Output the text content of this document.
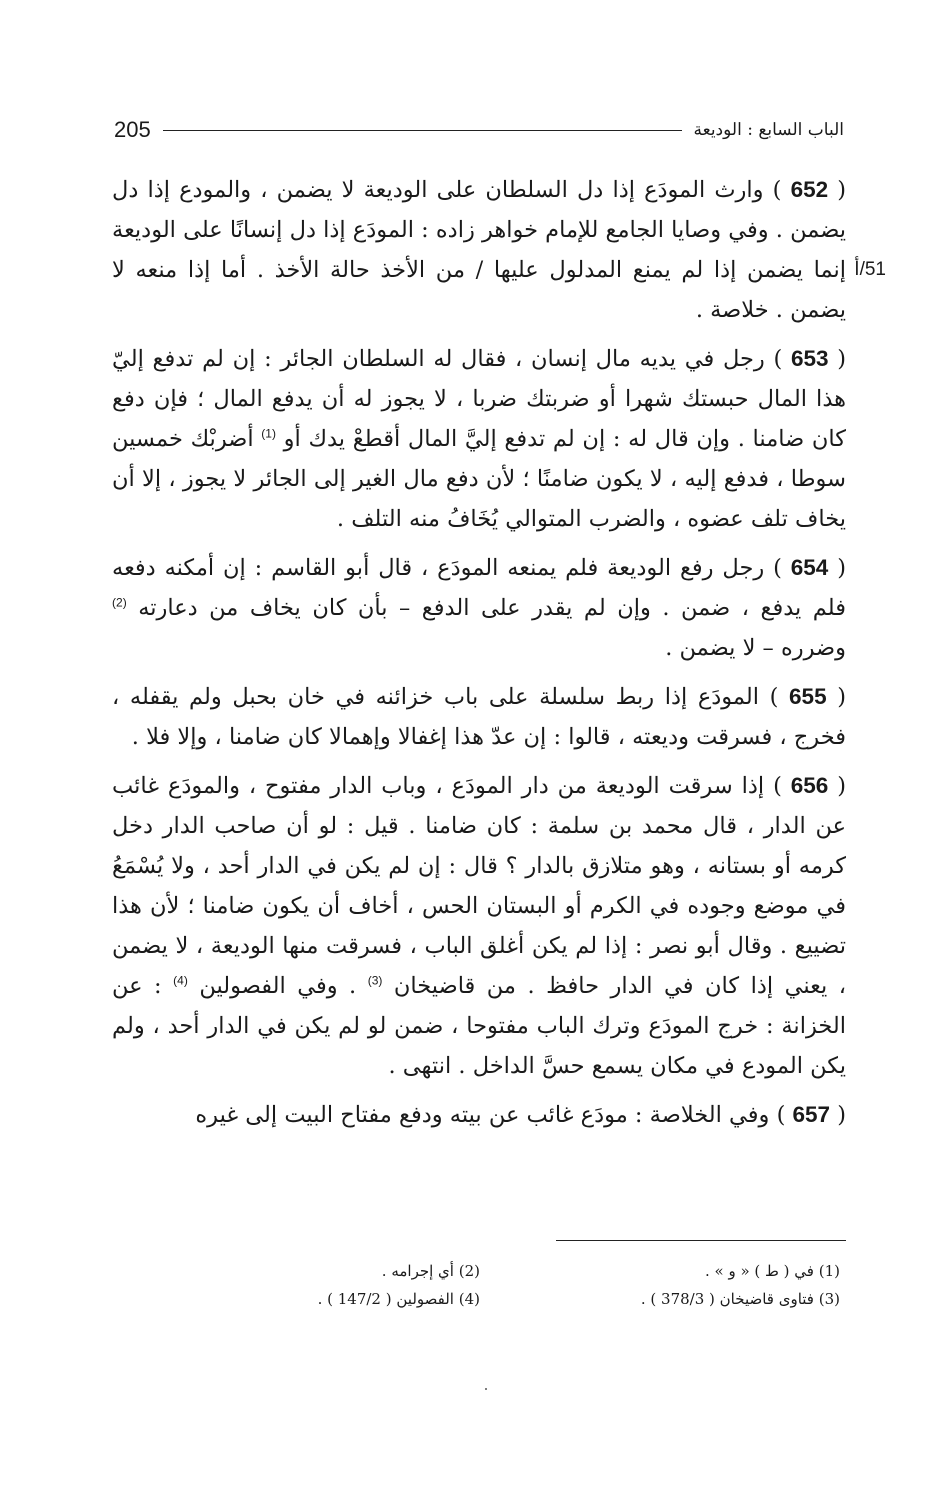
الباب السابع : الوديعة
205

( 652 ) وارث المودَع إذا دل السلطان على الوديعة لا يضمن ، والمودع إذا دل يضمن . وفي وصايا الجامع للإمام خواهر زاده : المودَع إذا دل إنسانًا على الوديعة إنما يضمن إذا لم يمنع المدلول عليها / من الأخذ حالة الأخذ . أما إذا منعه لا يضمن . خلاصة .
51/أ

( 653 ) رجل في يديه مال إنسان ، فقال له السلطان الجائر : إن لم تدفع إليّ هذا المال حبستك شهرا أو ضربتك ضربا ، لا يجوز له أن يدفع المال ؛ فإن دفع كان ضامنا . وإن قال له : إن لم تدفع إليَّ المال أقطعْ يدك أو $^{(1)}$ أضربْك خمسين سوطا ، فدفع إليه ، لا يكون ضامنًا ؛ لأن دفع مال الغير إلى الجائر لا يجوز ، إلا أن يخاف تلف عضوه ، والضرب المتوالي يُخَافُ منه التلف .

( 654 ) رجل رفع الوديعة فلم يمنعه المودَع ، قال أبو القاسم : إن أمكنه دفعه فلم يدفع ، ضمن . وإن لم يقدر على الدفع – بأن كان يخاف من دعارته $^{(2)}$ وضرره – لا يضمن .

( 655 ) المودَع إذا ربط سلسلة على باب خزائنه في خان بحبل ولم يقفله ، فخرج ، فسرقت وديعته ، قالوا : إن عدّ هذا إغفالا وإهمالا كان ضامنا ، وإلا فلا .

( 656 ) إذا سرقت الوديعة من دار المودَع ، وباب الدار مفتوح ، والمودَع غائب عن الدار ، قال محمد بن سلمة : كان ضامنا . قيل : لو أن صاحب الدار دخل كرمه أو بستانه ، وهو متلازق بالدار ؟ قال : إن لم يكن في الدار أحد ، ولا يُسْمَعُ في موضع وجوده في الكرم أو البستان الحس ، أخاف أن يكون ضامنا ؛ لأن هذا تضييع . وقال أبو نصر : إذا لم يكن أغلق الباب ، فسرقت منها الوديعة ، لا يضمن ، يعني إذا كان في الدار حافظ . من قاضيخان $^{(3)}$ . وفي الفصولين $^{(4)}$ : عن الخزانة : خرج المودَع وترك الباب مفتوحا ، ضمن لو لم يكن في الدار أحد ، ولم يكن المودع في مكان يسمع حسَّ الداخل . انتهى .

( 657 ) وفي الخلاصة : مودَع غائب عن بيته ودفع مفتاح البيت إلى غيره

(1) في ( ط ) « و » .
(2) أي إجرامه .
(3) فتاوى قاضيخان ( 378/3 ) .
(4) الفصولين ( 147/2 ) .
